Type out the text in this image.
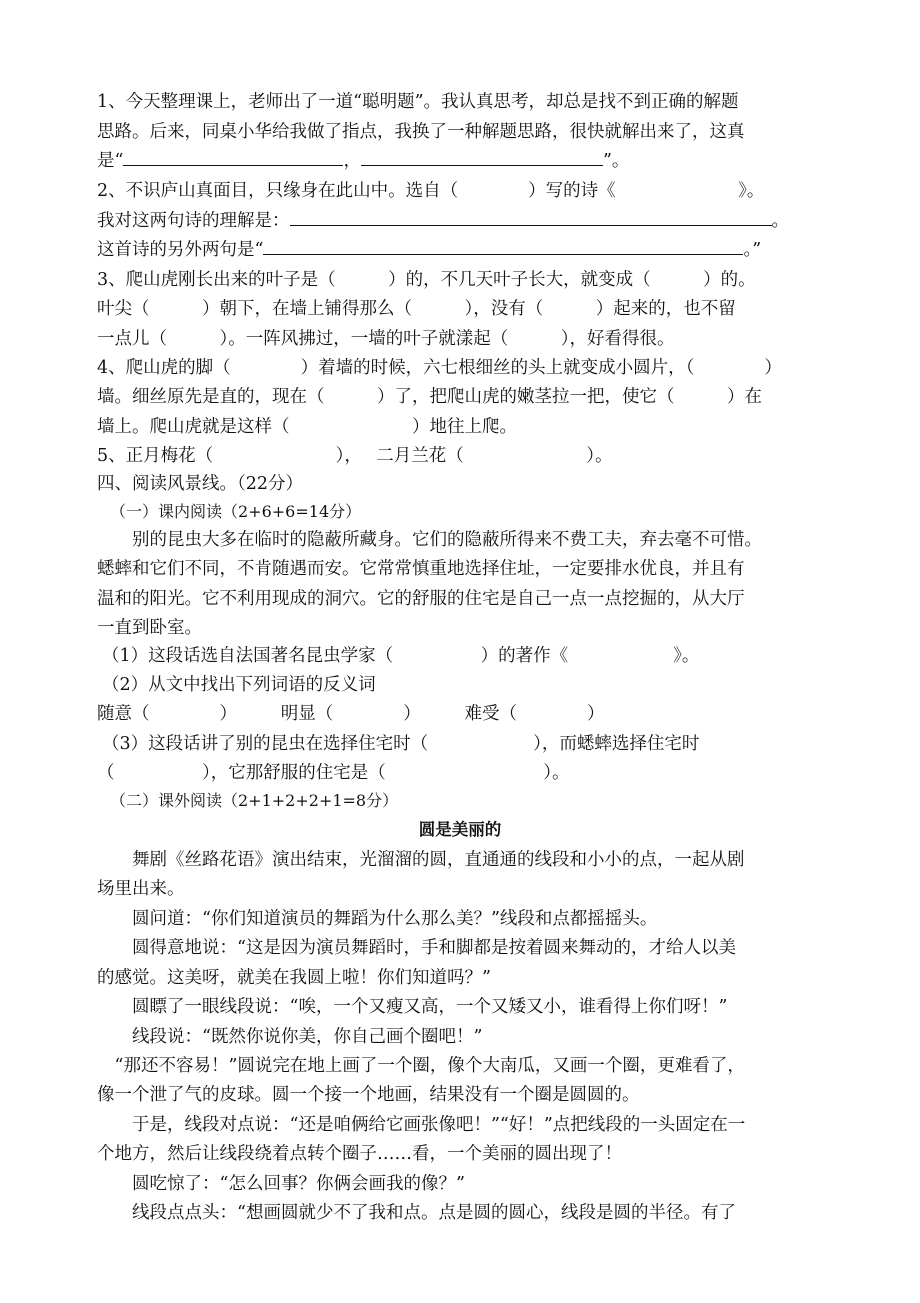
1、今天整理课上，老师出了一道“聪明题”。我认真思考，却总是找不到正确的解题
思路。后来，同桌小华给我做了指点，我换了一种解题思路，很快就解出来了，这真
是“	，	”。
2、不识庐山真面目，只缘身在此山中。选自（　　　　）写的诗《　　　　　　　》。
我对这两句诗的理解是：	。
这首诗的另外两句是“	。”
3、爬山虎刚长出来的叶子是（　　　）的，不几天叶子长大，就变成（　　　）的。
叶尖（　　　）朝下，在墙上铺得那么（　　　），没有（　　　）起来的，也不留
一点儿（　　　）。一阵风拂过，一墙的叶子就漾起（　　　），好看得很。
4、爬山虎的脚（　　　　）着墙的时候，六七根细丝的头上就变成小圆片，（　　　　）
墙。细丝原先是直的，现在（　　　）了，把爬山虎的嫩茎拉一把，使它（　　　）在
墙上。爬山虎就是这样（　　　　　　　）地往上爬。
5、正月梅花（　　　　　　　），　 二月兰花（　　　　　　　）。
四、阅读风景线。（22分）
（一）课内阅读（2+6+6=14分）
　　别的昆虫大多在临时的隐蔽所藏身。它们的隐蔽所得来不费工夫，弃去毫不可惜。
蟋蟀和它们不同，不肯随遇而安。它常常慎重地选择住址，一定要排水优良，并且有
温和的阳光。它不利用现成的洞穴。它的舒服的住宅是自己一点一点挖掘的，从大厅
一直到卧室。
（1）这段话选自法国著名昆虫学家（　　　　　）的著作《　　　　　　》。
（2）从文中找出下列词语的反义词
随意（　　　　）　　　明显（　　　　）　　　难受（　　　　）
（3）这段话讲了别的昆虫在选择住宅时（　　　　　　），而蟋蟀选择住宅时
（　　　　　），它那舒服的住宅是（　　　　　　　　　）。
（二）课外阅读（2+1+2+2+1=8分）
圆是美丽的
　　舞剧《丝路花语》演出结束，光溜溜的圆，直通通的线段和小小的点，一起从剧
场里出来。
　　圆问道：“你们知道演员的舞蹈为什么那么美？”线段和点都摇摇头。
　　圆得意地说：“这是因为演员舞蹈时，手和脚都是按着圆来舞动的，才给人以美
的感觉。这美呀，就美在我圆上啦！你们知道吗？”
　　圆瞟了一眼线段说：“唉，一个又瘦又高，一个又矮又小，谁看得上你们呀！”
　　线段说：“既然你说你美，你自己画个圈吧！”
　“那还不容易！”圆说完在地上画了一个圈，像个大南瓜，又画一个圈，更难看了，
像一个泄了气的皮球。圆一个接一个地画，结果没有一个圈是圆圆的。
　　于是，线段对点说：“还是咱俩给它画张像吧！”“好！”点把线段的一头固定在一
个地方，然后让线段绕着点转个圈子……看，一个美丽的圆出现了！
　　圆吃惊了：“怎么回事？你俩会画我的像？”
　　线段点点头：“想画圆就少不了我和点。点是圆的圆心，线段是圆的半径。有了
